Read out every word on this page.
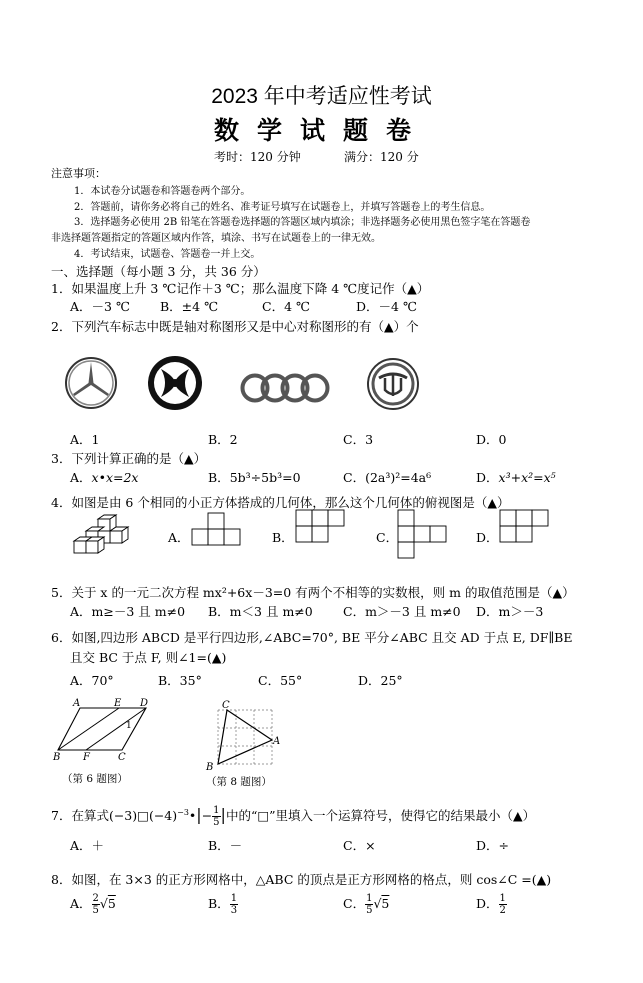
2023 年中考适应性考试
数学试题卷
考时：120 分钟	满分：120 分
注意事项：
1．本试卷分试题卷和答题卷两个部分。
2．答题前，请你务必将自己的姓名、准考证号填写在试题卷上，并填写答题卷上的考生信息。
3．选择题务必使用 2B 铅笔在答题卷选择题的答题区域内填涂；非选择题务必使用黑色签字笔在答题卷
非选择题答题指定的答题区域内作答，填涂、书写在试题卷上的一律无效。
4．考试结束，试题卷、答题卷一并上交。
一、选择题（每小题 3 分，共 36 分）
1．如果温度上升 3 ℃记作＋3 ℃；那么温度下降 4 ℃度记作（▲）
A．－3 ℃ B．±4 ℃	C．4 ℃	D．－4 ℃
2．下列汽车标志中既是轴对称图形又是中心对称图形的有（▲）个
A．1	B．2	C．3	D．0
3．下列计算正确的是（▲）
A．x•x=2x	B．5b³÷5b³=0	C．(2a³)²=4a⁶	D．x³+x²=x⁵
4．如图是由 6 个相同的小正方体搭成的几何体，那么这个几何体的俯视图是（▲）
A．	B．	C．	D．
5．关于 x 的一元二次方程 mx²+6x－3=0 有两个不相等的实数根，则 m 的取值范围是（▲）
A．m≥－3 且 m≠0 B．m＜3 且 m≠0 C．m＞－3 且 m≠0 D．m＞－3
6．如图,四边形 ABCD 是平行四边形,∠ABC=70°, BE 平分∠ABC 且交 AD 于点 E, DF∥BE
且交 BC 于点 F, 则∠1=(▲)
A．70°	B．35°	C．55°	D．25°
A	E D
B F	C
1
（第 6 题图）
C
A
B
（第 8 题图）
7．在算式$(-3)□(-4)^{-3}•|- \frac{1}{5}$ |中的“□”里填入一个运算符号，使得它的结果最小（▲）
A．＋	B．－	C．×	D．÷
8．如图，在 3×3 的正方形网格中，△ABC 的顶点是正方形网格的格点，则 cos∠C =(▲)
A． $\frac{2}{5} √5$	B． $\frac{1}{3}$	C． $\frac{1}{5} √5$	D． $\frac{1}{2}$
